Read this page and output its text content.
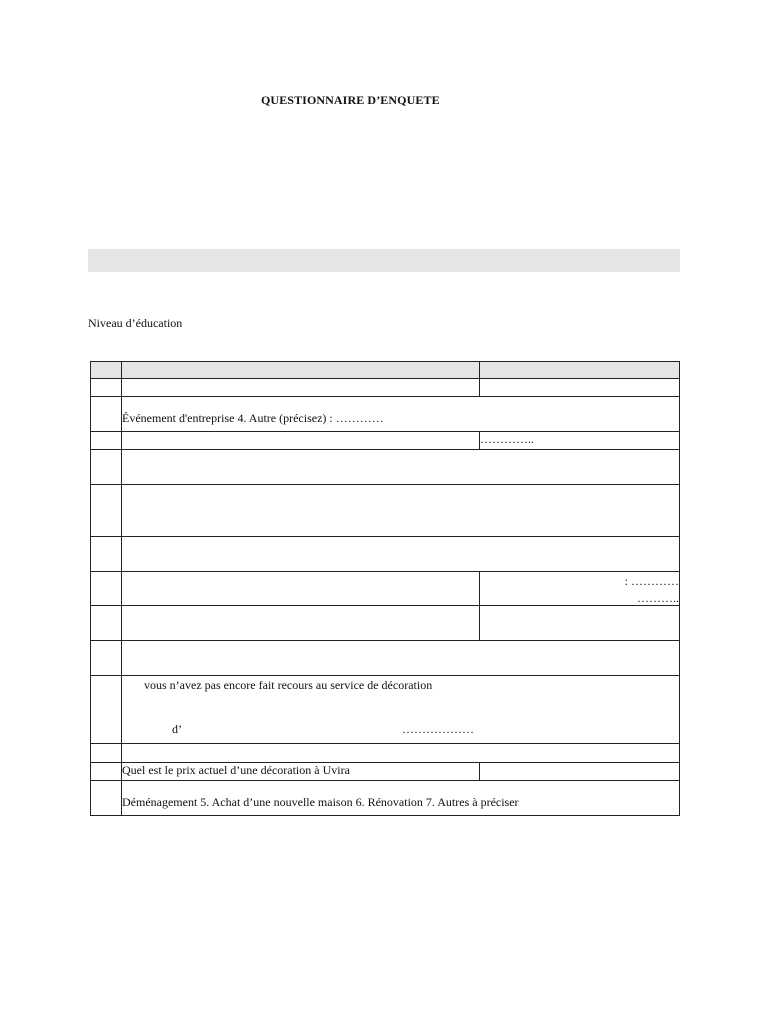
QUESTIONNAIRE D’ENQUETE
Niveau d’éducation

	Événement d'entreprise 4. Autre (précisez) : …………	
		…………..

		: …………
………..

	vous n’avez pas encore fait recours au service de décoration
d’ ………………	

	Quel est le prix actuel d’une décoration à Uvira	
	Déménagement 5. Achat d’une nouvelle maison 6. Rénovation 7. Autres à préciser	
